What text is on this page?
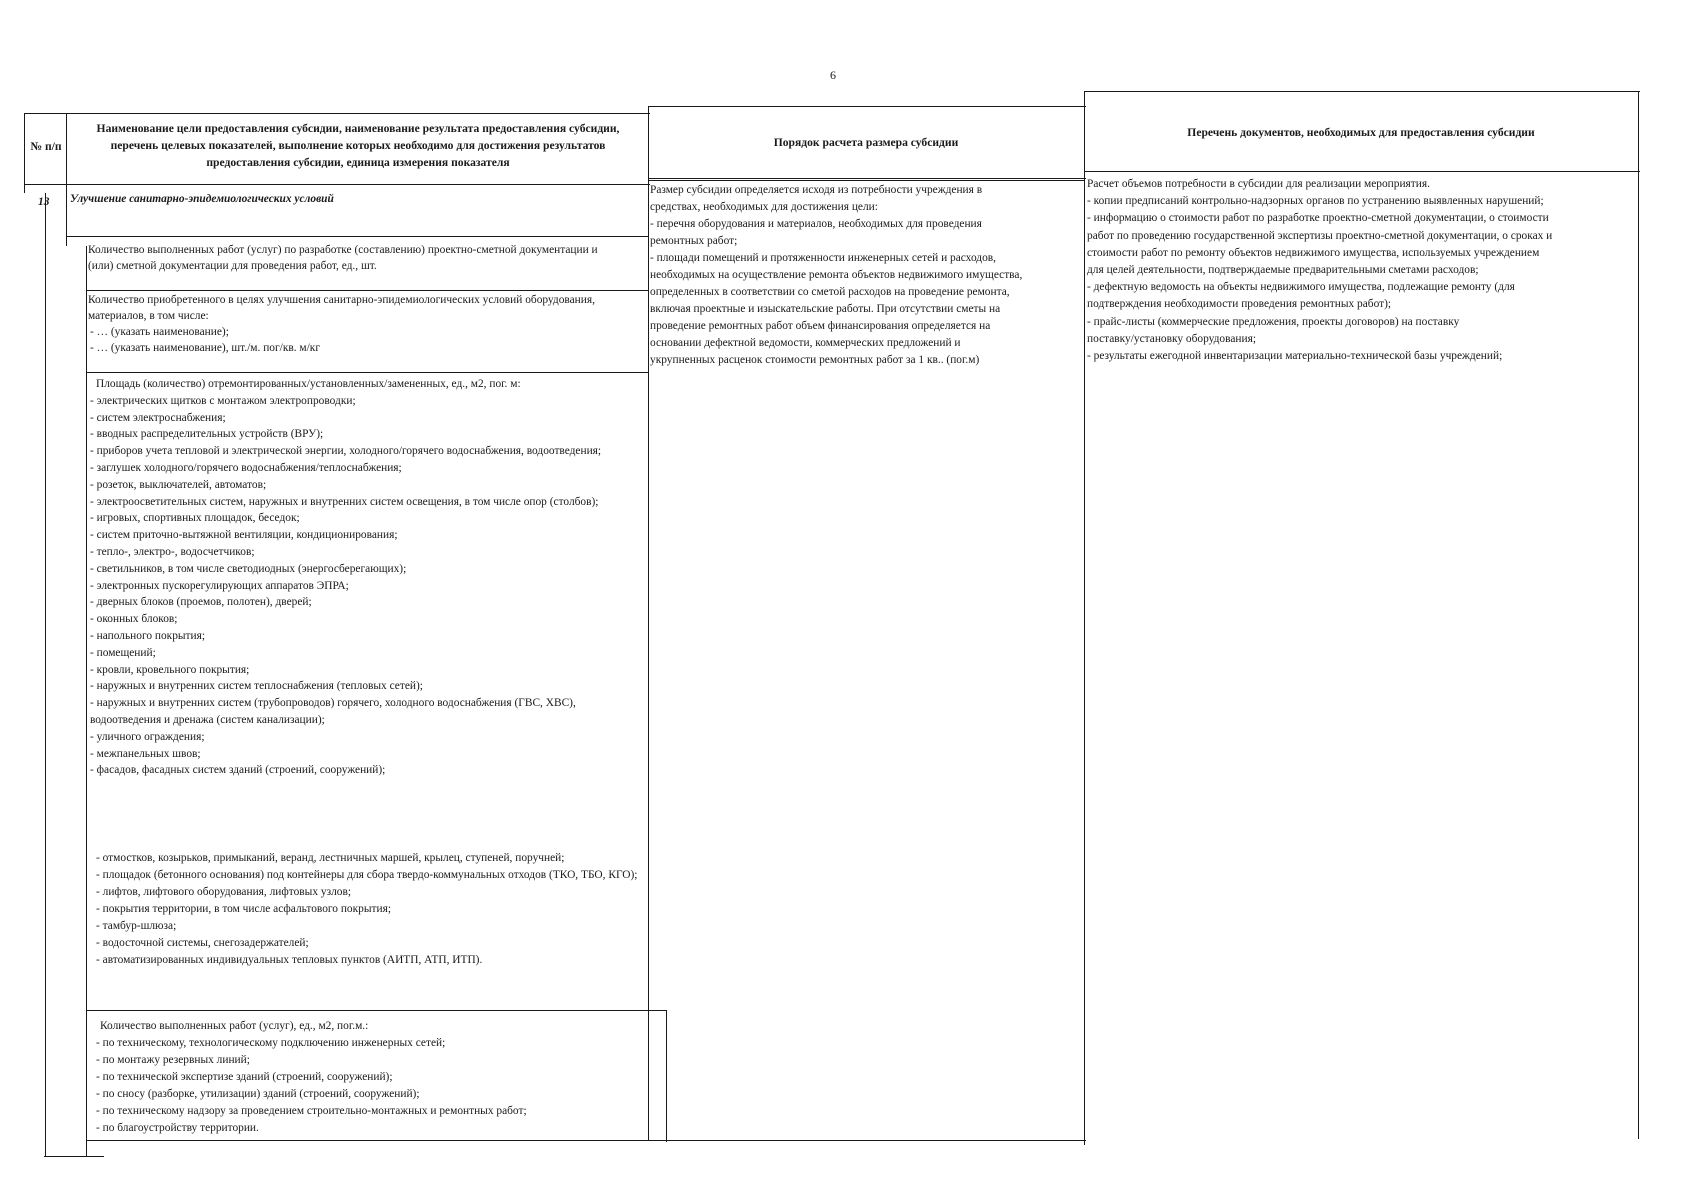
6
№ п/п
Наименование цели предоставления субсидии, наименование результата предоставления субсидии, перечень целевых показателей, выполнение которых необходимо для достижения результатов предоставления субсидии, единица измерения показателя
Порядок расчета размера субсидии
Перечень документов, необходимых для предоставления субсидии
13 Улучшение санитарно-эпидемиологических условий
Количество выполненных работ (услуг) по разработке (составлению) проектно-сметной документации и (или) сметной документации для проведения работ, ед., шт.
Количество приобретенного в целях улучшения санитарно-эпидемиологических условий оборудования, материалов, в том числе:
- … (указать наименование);
- … (указать наименование), шт./м. пог/кв. м/кг
Площадь (количество) отремонтированных/установленных/замененных, ед., м2, пог. м:
- электрических щитков с монтажом электропроводки;
- систем электроснабжения;
- вводных распределительных устройств (ВРУ);
- приборов учета тепловой и электрической энергии, холодного/горячего водоснабжения, водоотведения;
- заглушек холодного/горячего водоснабжения/теплоснабжения;
- розеток, выключателей, автоматов;
- электроосветительных систем, наружных и внутренних систем освещения, в том числе опор (столбов);
- игровых, спортивных площадок, беседок;
- систем приточно-вытяжной вентиляции, кондиционирования;
- тепло-, электро-, водосчетчиков;
- светильников, в том числе светодиодных (энергосберегающих);
- электронных пускорегулирующих аппаратов ЭПРА;
- дверных блоков (проемов, полотен), дверей;
- оконных блоков;
- напольного покрытия;
- помещений;
- кровли, кровельного покрытия;
- наружных и внутренних систем теплоснабжения (тепловых сетей);
- наружных и внутренних систем (трубопроводов) горячего, холодного водоснабжения (ГВС, ХВС), водоотведения и дренажа (систем канализации);
- уличного ограждения;
- межпанельных швов;
- фасадов, фасадных систем зданий (строений, сооружений);
- отмостков, козырьков, примыканий, веранд, лестничных маршей, крылец, ступеней, поручней;
- площадок (бетонного основания) под контейнеры для сбора твердо-коммунальных отходов (ТКО, ТБО, КГО);
- лифтов, лифтового оборудования, лифтовых узлов;
- покрытия территории, в том числе асфальтового покрытия;
- тамбур-шлюза;
- водосточной системы, снегозадержателей;
- автоматизированных индивидуальных тепловых пунктов (АИТП, АТП, ИТП).
Количество выполненных работ (услуг), ед., м2, пог.м.:
- по техническому, технологическому подключению инженерных сетей;
- по монтажу резервных линий;
- по технической экспертизе зданий (строений, сооружений);
- по сносу (разборке, утилизации) зданий (строений, сооружений);
- по техническому надзору за проведением строительно-монтажных и ремонтных работ;
- по благоустройству территории.
Размер субсидии определяется исходя из потребности учреждения в
средствах, необходимых для достижения цели:
- перечня оборудования и материалов, необходимых для проведения
ремонтных работ;
- площади помещений и протяженности инженерных сетей и расходов,
необходимых на осуществление ремонта объектов недвижимого имущества,
определенных в соответствии со сметой расходов на проведение ремонта,
включая проектные и изыскательские работы. При отсутствии сметы на
проведение ремонтных работ объем финансирования определяется на
основании дефектной ведомости, коммерческих предложений и
укрупненных расценок стоимости ремонтных работ за 1 кв.. (пог.м)
Расчет объемов потребности в субсидии для реализации мероприятия.
- копии предписаний контрольно-надзорных органов по устранению выявленных нарушений;
- информацию о стоимости работ по разработке проектно-сметной документации, о стоимости
работ по проведению государственной экспертизы проектно-сметной документации, о сроках и
стоимости работ по ремонту объектов недвижимого имущества, используемых учреждением
для целей деятельности, подтверждаемые предварительными сметами расходов;
- дефектную ведомость на объекты недвижимого имущества, подлежащие ремонту (для
подтверждения необходимости проведения ремонтных работ);
- прайс-листы (коммерческие предложения, проекты договоров) на поставку
поставку/установку оборудования;
- результаты ежегодной инвентаризации материально-технической базы учреждений;
